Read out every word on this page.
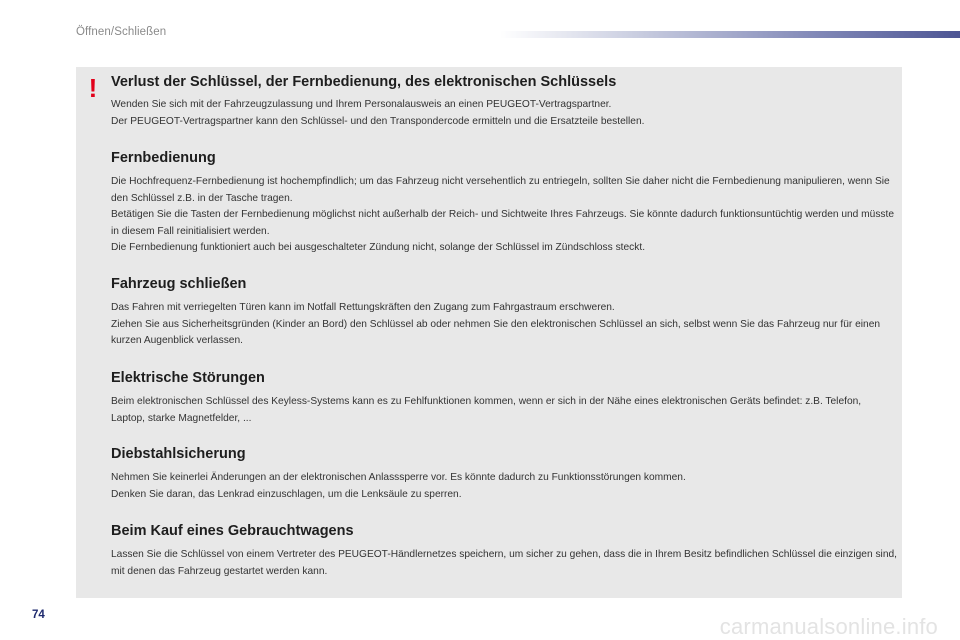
Öffnen/Schließen
! Verlust der Schlüssel, der Fernbedienung, des elektronischen Schlüssels

Wenden Sie sich mit der Fahrzeugzulassung und Ihrem Personalausweis an einen PEUGEOT-Vertragspartner.

Der PEUGEOT-Vertragspartner kann den Schlüssel- und den Transpondercode ermitteln und die Ersatzteile bestellen.

Fernbedienung

Die Hochfrequenz-Fernbedienung ist hochempfindlich; um das Fahrzeug nicht versehentlich zu entriegeln, sollten Sie daher nicht die Fernbedienung manipulieren, wenn Sie den Schlüssel z.B. in der Tasche tragen.

Betätigen Sie die Tasten der Fernbedienung möglichst nicht außerhalb der Reich- und Sichtweite Ihres Fahrzeugs. Sie könnte dadurch funktionsuntüchtig werden und müsste in diesem Fall reinitialisiert werden.

Die Fernbedienung funktioniert auch bei ausgeschalteter Zündung nicht, solange der Schlüssel im Zündschloss steckt.

Fahrzeug schließen

Das Fahren mit verriegelten Türen kann im Notfall Rettungskräften den Zugang zum Fahrgastraum erschweren.

Ziehen Sie aus Sicherheitsgründen (Kinder an Bord) den Schlüssel ab oder nehmen Sie den elektronischen Schlüssel an sich, selbst wenn Sie das Fahrzeug nur für einen kurzen Augenblick verlassen.

Elektrische Störungen

Beim elektronischen Schlüssel des Keyless-Systems kann es zu Fehlfunktionen kommen, wenn er sich in der Nähe eines elektronischen Geräts befindet: z.B. Telefon, Laptop, starke Magnetfelder, ...

Diebstahlsicherung

Nehmen Sie keinerlei Änderungen an der elektronischen Anlasssperre vor. Es könnte dadurch zu Funktionsstörungen kommen.

Denken Sie daran, das Lenkrad einzuschlagen, um die Lenksäule zu sperren.

Beim Kauf eines Gebrauchtwagens

Lassen Sie die Schlüssel von einem Vertreter des PEUGEOT-Händlernetzes speichern, um sicher zu gehen, dass die in Ihrem Besitz befindlichen Schlüssel die einzigen sind, mit denen das Fahrzeug gestartet werden kann.

74	carmanualsonline.info
